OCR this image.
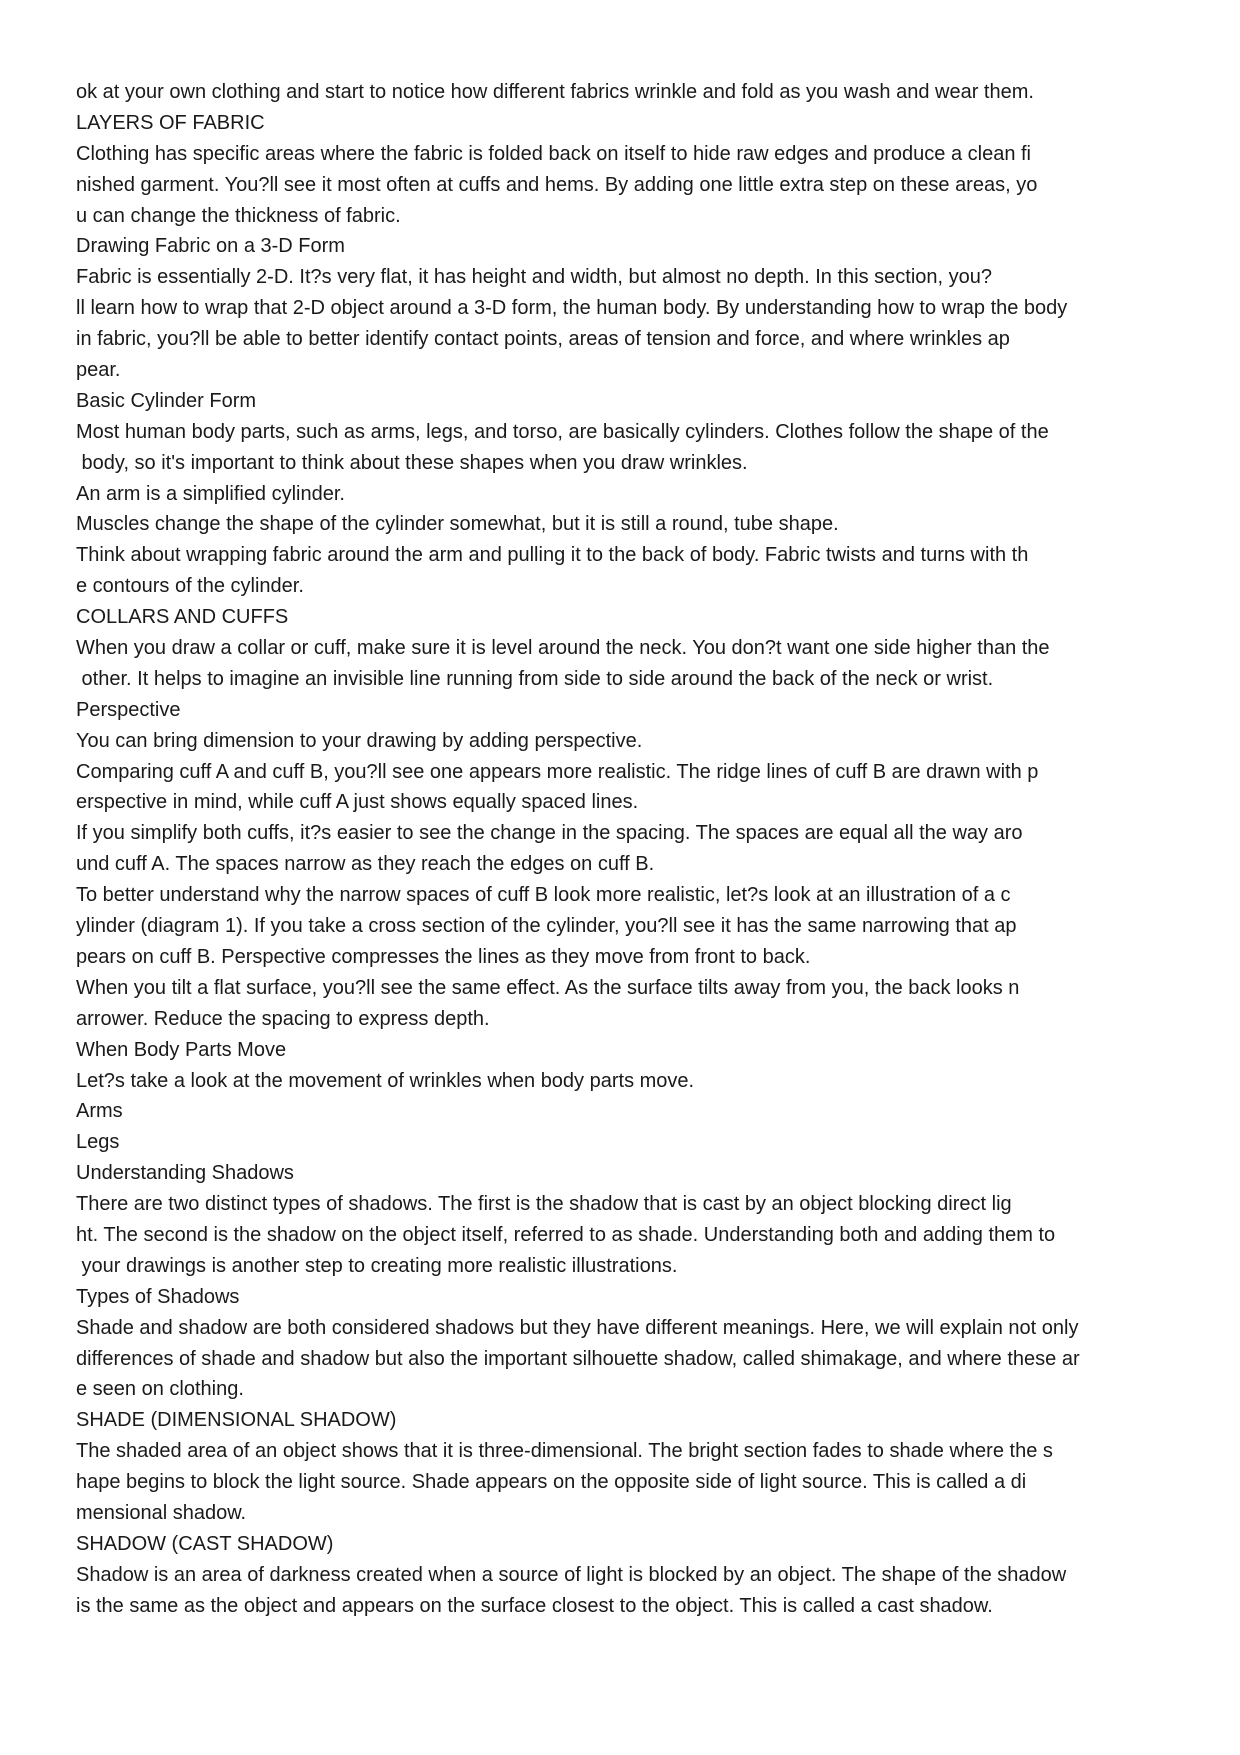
ok at your own clothing and start to notice how different fabrics wrinkle and fold as you wash and wear them.
LAYERS OF FABRIC
Clothing has specific areas where the fabric is folded back on itself to hide raw edges and produce a clean fi
nished garment. You?ll see it most often at cuffs and hems. By adding one little extra step on these areas, yo
u can change the thickness of fabric.
Drawing Fabric on a 3-D Form
Fabric is essentially 2-D. It?s very flat, it has height and width, but almost no depth. In this section, you?
ll learn how to wrap that 2-D object around a 3-D form, the human body. By understanding how to wrap the body
in fabric, you?ll be able to better identify contact points, areas of tension and force, and where wrinkles ap
pear.
Basic Cylinder Form
Most human body parts, such as arms, legs, and torso, are basically cylinders. Clothes follow the shape of the
body, so it's important to think about these shapes when you draw wrinkles.
An arm is a simplified cylinder.
Muscles change the shape of the cylinder somewhat, but it is still a round, tube shape.
Think about wrapping fabric around the arm and pulling it to the back of body. Fabric twists and turns with th
e contours of the cylinder.
COLLARS AND CUFFS
When you draw a collar or cuff, make sure it is level around the neck. You don?t want one side higher than the
other. It helps to imagine an invisible line running from side to side around the back of the neck or wrist.
Perspective
You can bring dimension to your drawing by adding perspective.
Comparing cuff A and cuff B, you?ll see one appears more realistic. The ridge lines of cuff B are drawn with p
erspective in mind, while cuff A just shows equally spaced lines.
If you simplify both cuffs, it?s easier to see the change in the spacing. The spaces are equal all the way aro
und cuff A. The spaces narrow as they reach the edges on cuff B.
To better understand why the narrow spaces of cuff B look more realistic, let?s look at an illustration of a c
ylinder (diagram 1). If you take a cross section of the cylinder, you?ll see it has the same narrowing that ap
pears on cuff B. Perspective compresses the lines as they move from front to back.
When you tilt a flat surface, you?ll see the same effect. As the surface tilts away from you, the back looks n
arrower. Reduce the spacing to express depth.
When Body Parts Move
Let?s take a look at the movement of wrinkles when body parts move.
Arms
Legs
Understanding Shadows
There are two distinct types of shadows. The first is the shadow that is cast by an object blocking direct lig
ht. The second is the shadow on the object itself, referred to as shade. Understanding both and adding them to
your drawings is another step to creating more realistic illustrations.
Types of Shadows
Shade and shadow are both considered shadows but they have different meanings. Here, we will explain not only
differences of shade and shadow but also the important silhouette shadow, called shimakage, and where these ar
e seen on clothing.
SHADE (DIMENSIONAL SHADOW)
The shaded area of an object shows that it is three-dimensional. The bright section fades to shade where the s
hape begins to block the light source. Shade appears on the opposite side of light source. This is called a di
mensional shadow.
SHADOW (CAST SHADOW)
Shadow is an area of darkness created when a source of light is blocked by an object. The shape of the shadow
is the same as the object and appears on the surface closest to the object. This is called a cast shadow.
